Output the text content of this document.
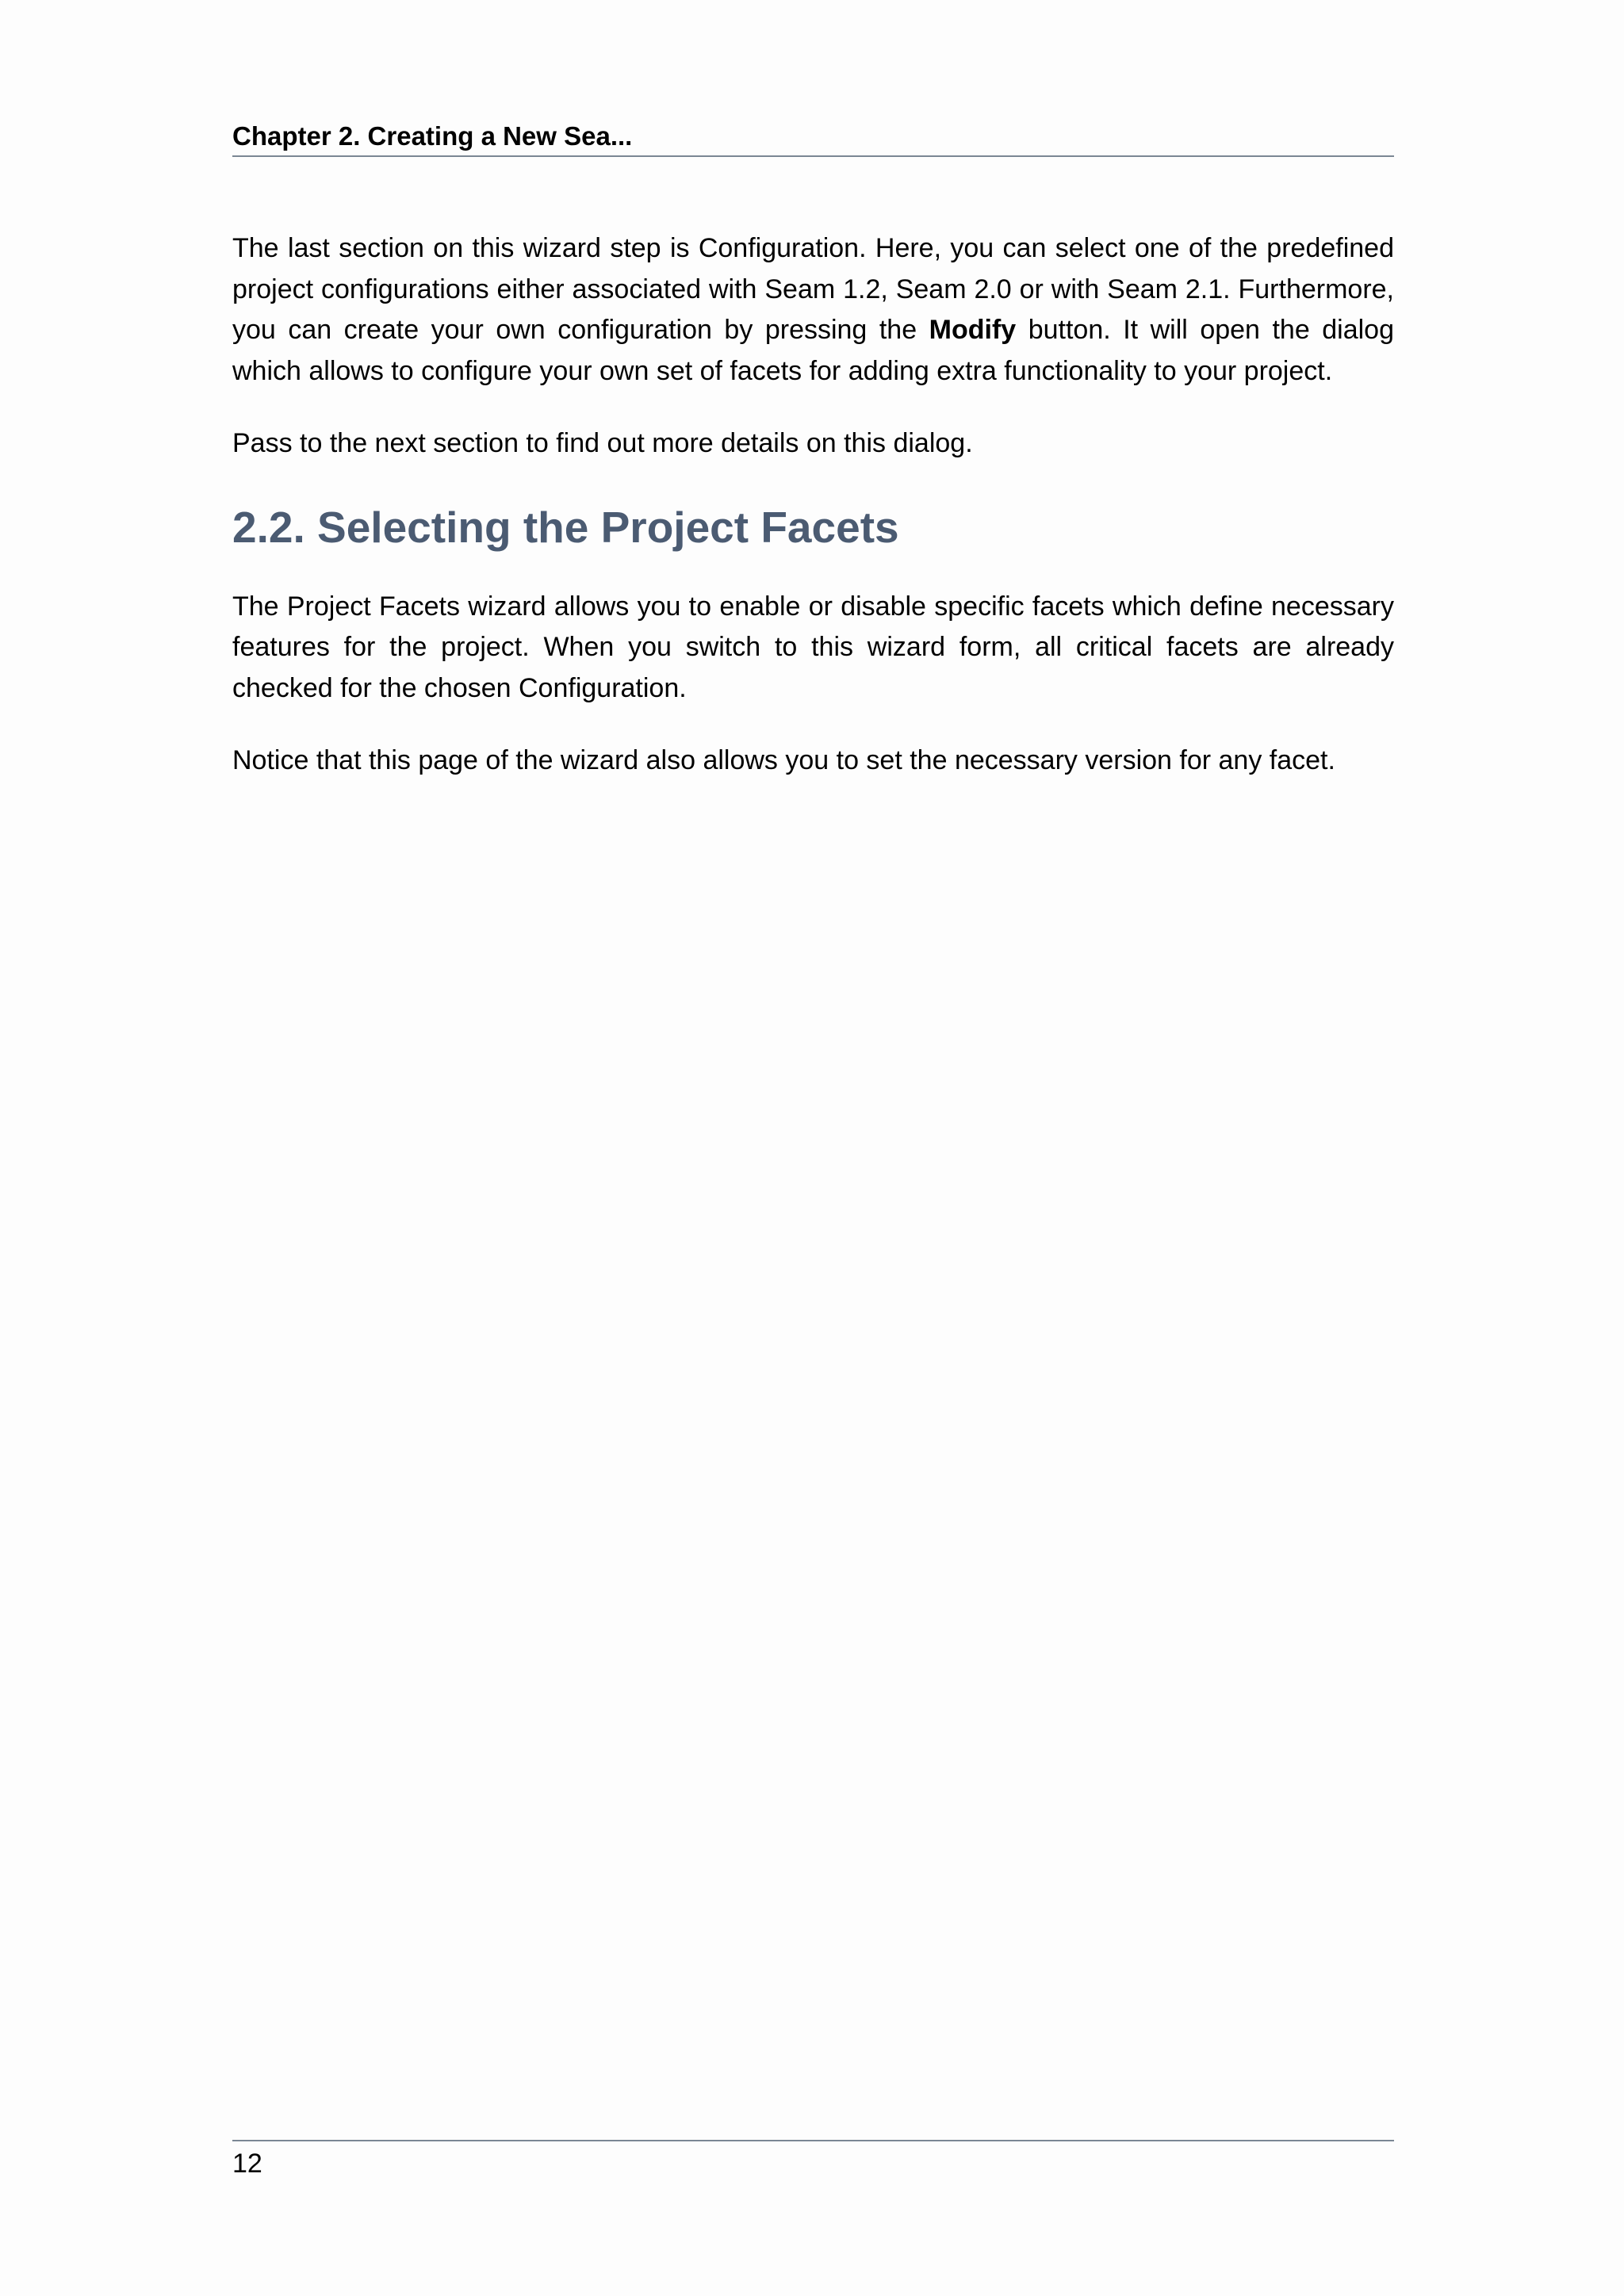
Chapter 2. Creating a New Sea...

The last section on this wizard step is Configuration. Here, you can select one of the predefined project configurations either associated with Seam 1.2, Seam 2.0 or with Seam 2.1. Furthermore, you can create your own configuration by pressing the Modify button. It will open the dialog which allows to configure your own set of facets for adding extra functionality to your project.

Pass to the next section to find out more details on this dialog.

2.2. Selecting the Project Facets

The Project Facets wizard allows you to enable or disable specific facets which define necessary features for the project. When you switch to this wizard form, all critical facets are already checked for the chosen Configuration.

Notice that this page of the wizard also allows you to set the necessary version for any facet.

12
